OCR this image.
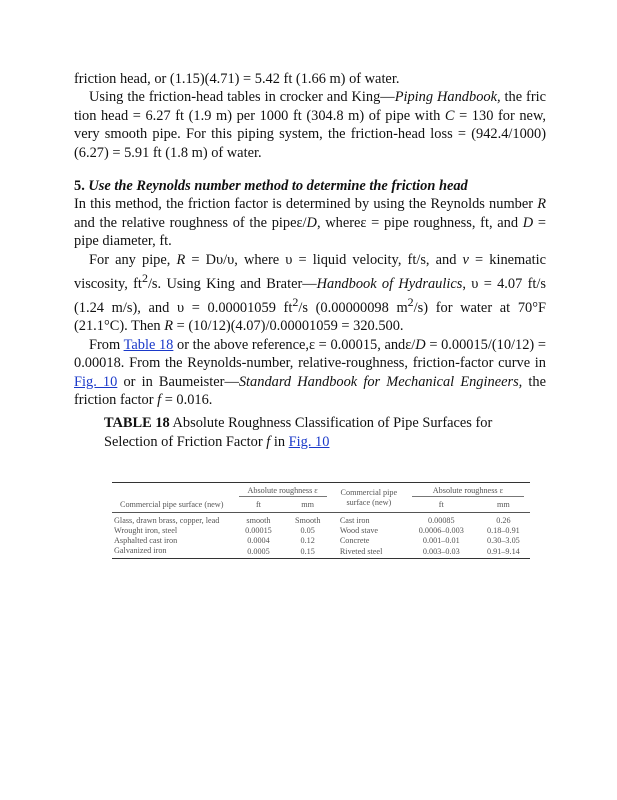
friction head, or (1.15)(4.71) = 5.42 ft (1.66 m) of water.

Using the friction-head tables in crocker and King—Piping Handbook, the fric tion head = 6.27 ft (1.9 m) per 1000 ft (304.8 m) of pipe with C = 130 for new, very smooth pipe. For this piping system, the friction-head loss = (942.4/1000)(6.27) = 5.91 ft (1.8 m) of water.

5. Use the Reynolds number method to determine the friction head

In this method, the friction factor is determined by using the Reynolds number R and the relative roughness of the pipeε/D, whereε = pipe roughness, ft, and D = pipe diameter, ft.

For any pipe, R = Dυ/υ, where υ = liquid velocity, ft/s, and v = kinematic viscosity, $ft^2/s$. Using King and Brater—Handbook of Hydraulics, υ = 4.07 ft/s (1.24 m/s), and υ = 0.00001059 $ft^2/s$ (0.00000098 $m^2/s$) for water at 70°F (21.1°C). Then R = (10/12)(4.07)/0.00001059 = 320.500.

From Table 18 or the above reference,ε = 0.00015, andε/D = 0.00015/(10/12) = 0.00018. From the Reynolds-number, relative-roughness, friction-factor curve in Fig. 10 or in Baumeister—Standard Handbook for Mechanical Engineers, the friction factor f = 0.016.

TABLE 18 Absolute Roughness Classification of Pipe Surfaces for Selection of Friction Factor f in Fig. 10
Commercial pipe surface (new)	Absolute roughness ε		Commercial pipe surface (new)	Absolute roughness ε	
	ft	mm		ft	mm
Glass, drawn brass, copper, lead	smooth	Smooth	Cast iron	0.00085	0.26
Wrought iron, steel	0.00015	0.05	Wood stave	0.0006–0.003	0.18–0.91
Asphalted cast iron	0.0004	0.12	Concrete	0.001–0.01	0.30–3.05
Galvanized iron	0.0005	0.15	Riveted steel	0.003–0.03	0.91–9.14
